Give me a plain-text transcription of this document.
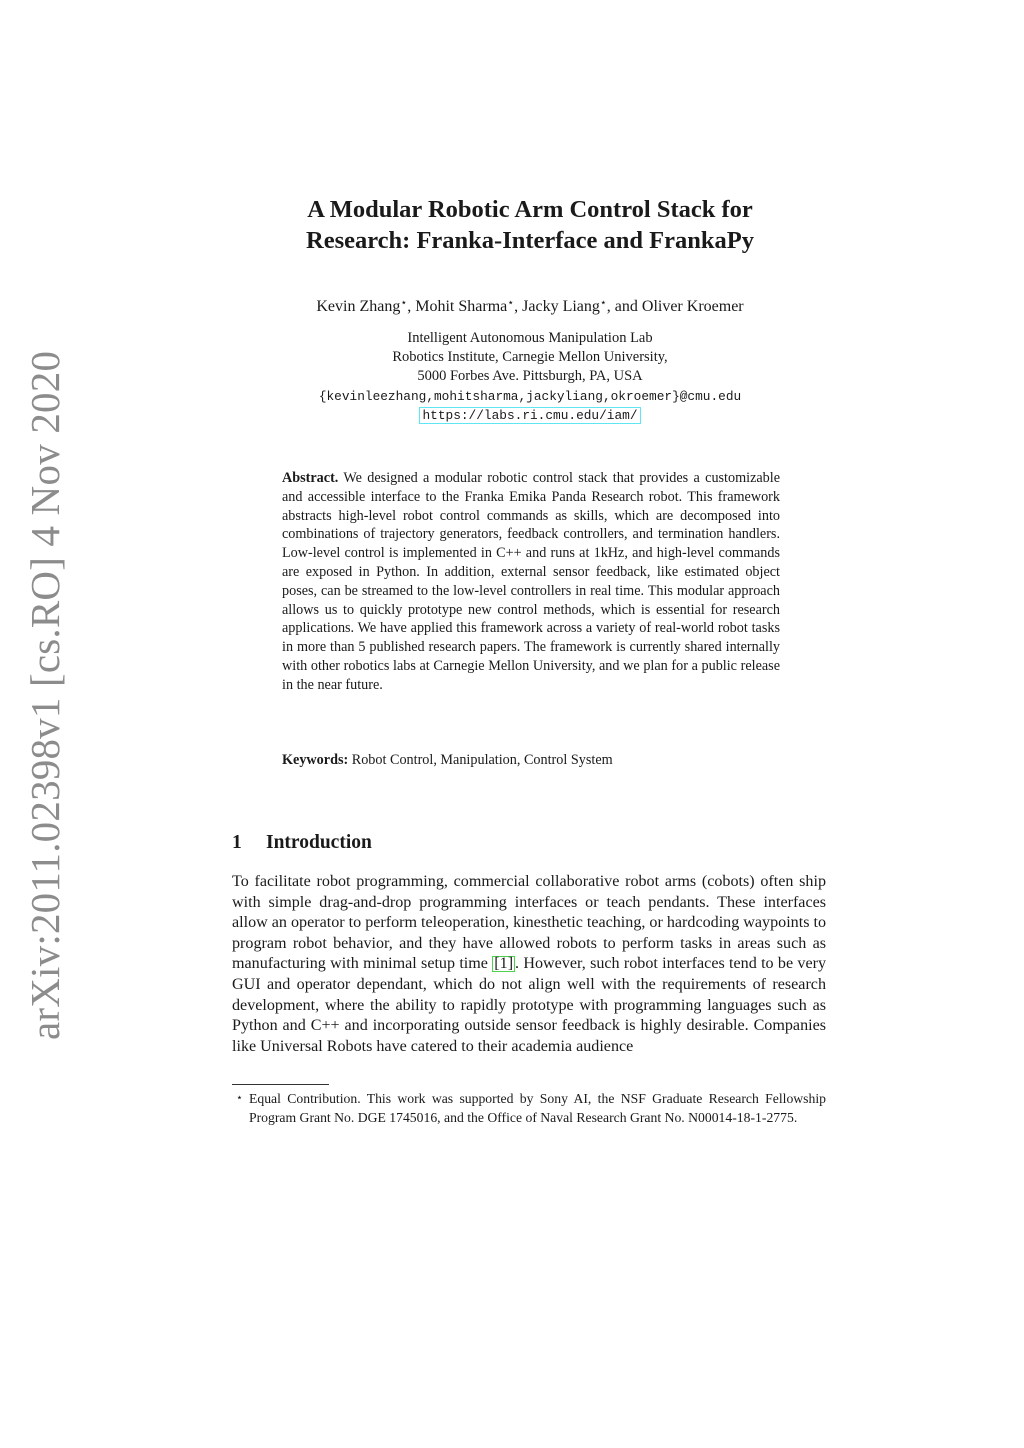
arXiv:2011.02398v1 [cs.RO] 4 Nov 2020
A Modular Robotic Arm Control Stack for
Research: Franka-Interface and FrankaPy
Kevin Zhang⋆, Mohit Sharma⋆, Jacky Liang⋆, and Oliver Kroemer
Intelligent Autonomous Manipulation Lab
Robotics Institute, Carnegie Mellon University,
5000 Forbes Ave. Pittsburgh, PA, USA
{kevinleezhang,mohitsharma,jackyliang,okroemer}@cmu.edu
https://labs.ri.cmu.edu/iam/
Abstract. We designed a modular robotic control stack that provides a customizable and accessible interface to the Franka Emika Panda Research robot. This framework abstracts high-level robot control commands as skills, which are decomposed into combinations of trajectory generators, feedback controllers, and termination handlers. Low-level control is implemented in C++ and runs at 1kHz, and high-level commands are exposed in Python. In addition, external sensor feedback, like estimated object poses, can be streamed to the low-level controllers in real time. This modular approach allows us to quickly prototype new control methods, which is essential for research applications. We have applied this framework across a variety of real-world robot tasks in more than 5 published research papers. The framework is currently shared internally with other robotics labs at Carnegie Mellon University, and we plan for a public release in the near future.
Keywords: Robot Control, Manipulation, Control System
1 Introduction
To facilitate robot programming, commercial collaborative robot arms (cobots) often ship with simple drag-and-drop programming interfaces or teach pendants. These interfaces allow an operator to perform teleoperation, kinesthetic teaching, or hardcoding waypoints to program robot behavior, and they have allowed robots to perform tasks in areas such as manufacturing with minimal setup time [1] . However, such robot interfaces tend to be very GUI and operator dependant, which do not align well with the requirements of research development, where the ability to rapidly prototype with programming languages such as Python and C++ and incorporating outside sensor feedback is highly desirable. Companies like Universal Robots have catered to their academia audience
⋆ Equal Contribution. This work was supported by Sony AI, the NSF Graduate Research Fellowship Program Grant No. DGE 1745016, and the Office of Naval Research Grant No. N00014-18-1-2775.
